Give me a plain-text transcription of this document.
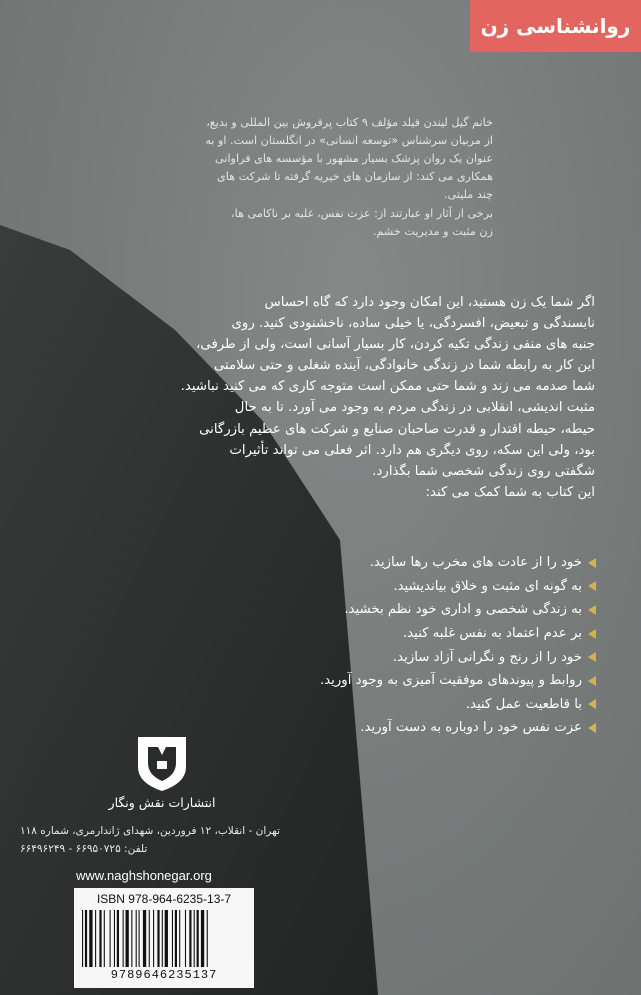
روانشناسی زن

خانم گیل لیندن فیلد مؤلف ۹ کتاب پرفروش بین المللی و بدیع،

از مربیان سرشناس «توسعه انسانی» در انگلستان است. او به

عنوان یک روان پزشک بسیار مشهور با مؤسسه های فراوانی

همکاری می کند: از سازمان های خیریه گرفته تا شرکت های

چند ملیتی.

برخی از آثار او عبارتند از: عزت نفس، غلبه بر ناکامی ها،

زن مثبت و مدیریت خشم.

اگر شما یک زن هستید، این امکان وجود دارد که گاه احساس

نابسندگی و تبعیض، افسردگی، یا خیلی ساده، ناخشنودی کنید. روی

جنبه های منفی زندگی تکیه کردن، کار بسیار آسانی است، ولی از طرفی،

این کار به رابطه شما در زندگی خانوادگی، آینده شغلی و حتی سلامتی

شما صدمه می زند و شما حتی ممکن است متوجه کاری که می کنید نباشید.

مثبت اندیشی، انقلابی در زندگی مردم به وجود می آورد. تا به حال

حیطه، حیطه اقتدار و قدرت صاحبان صنایع و شرکت های عظیم بازرگانی

بود، ولی این سکه، روی دیگری هم دارد. اثر فعلی می تواند تأثیرات

شگفتی روی زندگی شخصی شما بگذارد.

این کتاب به شما کمک می کند:

خود را از عادت های مخرب رها سازید.
به گونه ای مثبت و خلاق بیاندیشید.
به زندگی شخصی و اداری خود نظم بخشید.
بر عدم اعتماد به نفس غلبه کنید.
خود را از رنج و نگرانی آزاد سازید.
روابط و پیوندهای موفقیت آمیزی به وجود آورید.
با قاطعیت عمل کنید.
عزت نفس خود را دوباره به دست آورید.
انتشارات نقش ونگار
تهران - انقلاب، ۱۲ فروردین، شهدای ژاندارمری، شماره ۱۱۸
تلفن: ۶۶۹۵۰۷۲۵ - ۶۶۴۹۶۲۴۹
www.naghshonegar.org
ISBN 978-964-6235-13-7
9789646235137
